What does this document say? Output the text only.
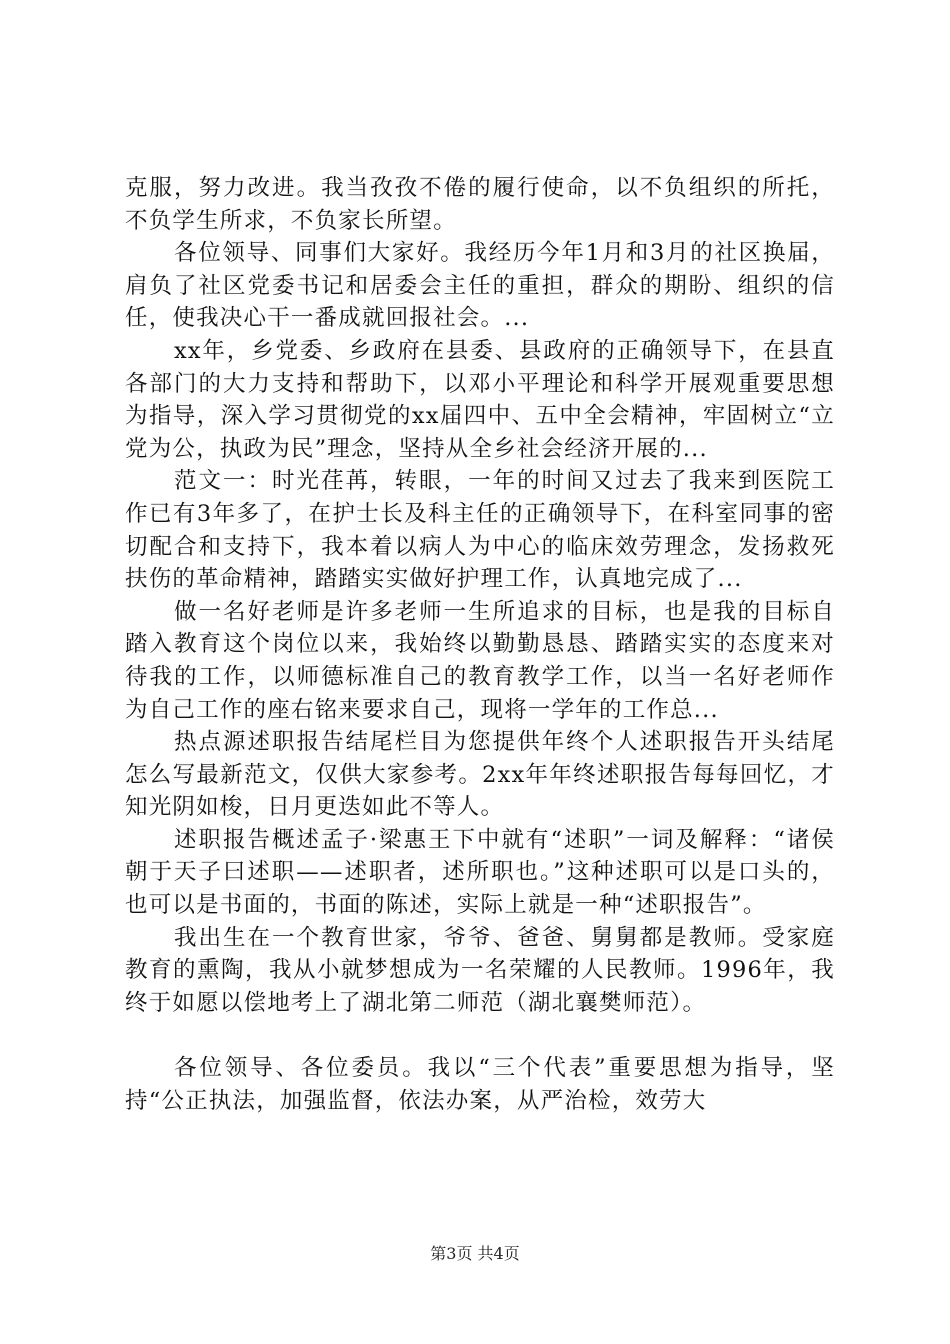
克服，努力改进。我当孜孜不倦的履行使命，以不负组织的所托，不负学生所求，不负家长所望。

各位领导、同事们大家好。我经历今年1月和3月的社区换届，肩负了社区党委书记和居委会主任的重担，群众的期盼、组织的信任，使我决心干一番成就回报社会。...

xx年，乡党委、乡政府在县委、县政府的正确领导下，在县直各部门的大力支持和帮助下，以邓小平理论和科学开展观重要思想为指导，深入学习贯彻党的xx届四中、五中全会精神，牢固树立“立党为公，执政为民”理念，坚持从全乡社会经济开展的...

范文一：时光荏苒，转眼，一年的时间又过去了我来到医院工作已有3年多了，在护士长及科主任的正确领导下，在科室同事的密切配合和支持下，我本着以病人为中心的临床效劳理念，发扬救死扶伤的革命精神，踏踏实实做好护理工作，认真地完成了...

做一名好老师是许多老师一生所追求的目标，也是我的目标自踏入教育这个岗位以来，我始终以勤勤恳恳、踏踏实实的态度来对待我的工作，以师德标准自己的教育教学工作，以当一名好老师作为自己工作的座右铭来要求自己，现将一学年的工作总...

热点源述职报告结尾栏目为您提供年终个人述职报告开头结尾怎么写最新范文，仅供大家参考。2xx年年终述职报告每每回忆，才知光阴如梭，日月更迭如此不等人。

述职报告概述孟子·梁惠王下中就有“述职”一词及解释：“诸侯朝于天子曰述职——述职者，述所职也。”这种述职可以是口头的，也可以是书面的，书面的陈述，实际上就是一种“述职报告”。

我出生在一个教育世家，爷爷、爸爸、舅舅都是教师。受家庭教育的熏陶，我从小就梦想成为一名荣耀的人民教师。1996年，我终于如愿以偿地考上了湖北第二师范（湖北襄樊师范）。

各位领导、各位委员。我以“三个代表”重要思想为指导，坚持“公正执法，加强监督，依法办案，从严治检，效劳大

第3页 共4页
